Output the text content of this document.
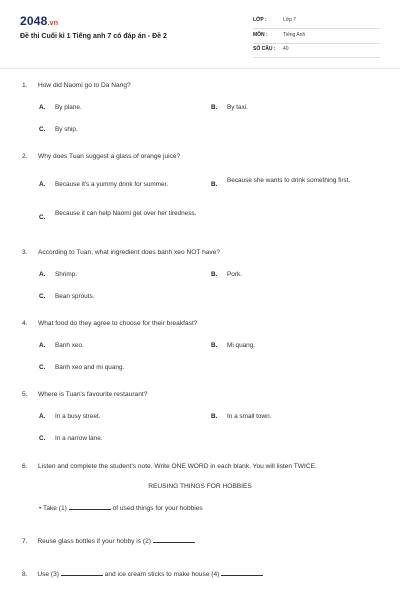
2048.vn
Đề thi Cuối kì 1 Tiếng anh 7 có đáp án - Đề 2
LỚP :	Lớp 7
MÔN :	Tiếng Anh
SỐ CÂU : 40
1. How did Naomi go to Da Nang?
A. By plane.	B. By taxi.
C. By ship.
2. Why does Tuan suggest a glass of orange juice?
A. Because it's a yummy drink for summer.	B.
Because she wants to drink something first.
C.
Because it can help Naomi get over her tiredness.
3. According to Tuan, what ingredient does banh xeo NOT have?
A. Shrimp.	B. Pork.
C. Bean sprouts.
4. What food do they agree to choose for their breakfast?
A. Banh xeo.	B. Mi quang.
C. Banh xeo and mi quang.
5. Where is Tuan's favourite restaurant?
A. In a busy street.	B. In a small town.
C. In a narrow lane.
6. Listen and complete the student's note. Write ONE WORD in each blank. You will listen TWICE.
REUSING THINGS FOR HOBBIES
• Take (1)	of used things for your hobbies
7. Reuse glass bottles if your hobby is (2)
8. Use (3)	and ice cream sticks to make house (4)
